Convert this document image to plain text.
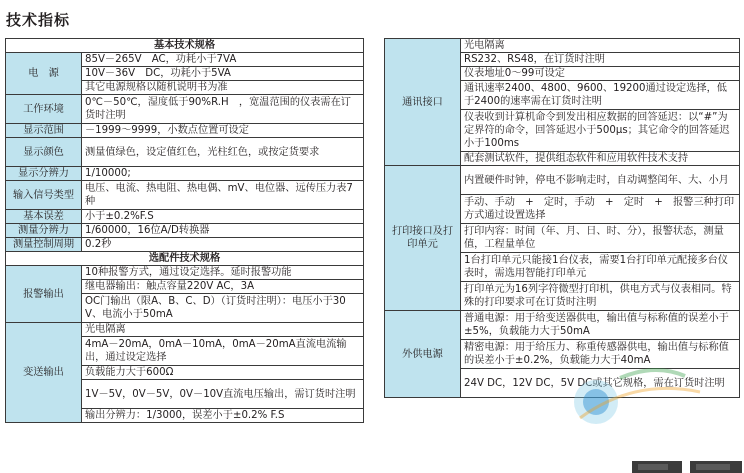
技术指标
基本技术规格	
电　源	85V－265V　AC，功耗小于7VA
	10V－36V　DC，功耗小于5VA
	其它电源规格以随机说明书为准
工作环境	0℃－50℃，湿度低于90%R.H　，宽温范围的仪表需在订货时注明
显示范围	－1999～9999，小数点位置可设定
显示颜色	测量值绿色，设定值红色，光柱红色，或按定货要求
显示分辨力	1/10000;
输入信号类型	电压、电流、热电阻、热电偶、mV、电位器、远传压力表7种
基本误差	小于±0.2%F.S
测量分辨力	1/60000，16位A/D转换器
测量控制周期	0.2秒
选配件技术规格	
报警输出	10种报警方式，通过设定选择。延时报警功能
	继电器输出：触点容量220V AC，3A
	OC门输出（限A、B、C、D）（订货时注明）：电压小于30V、电流小于50mA
变送输出	光电隔离
	4mA－20mA，0mA－10mA，0mA－20mA直流电流输出，通过设定选择
	负载能力大于600Ω
	1V－5V，0V－5V，0V－10V直流电压输出，需订货时注明
	输出分辨力：1/3000，误差小于±0.2% F.S
通讯接口	光电隔离
	RS232、RS48，在订货时注明
	仪表地址0～99可设定
	通讯速率2400、4800、9600、19200通过设定选择，低于2400的速率需在订货时注明
	仪表收到计算机命令到发出相应数据的回答延迟：以“#”为定界符的命令，回答延迟小于500μs；其它命令的回答延迟小于100ms
	配套测试软件，提供组态软件和应用软件技术支持
打印接口及打印单元	内置硬件时钟，停电不影响走时，自动调整闰年、大、小月
	手动、手动　+　定时，手动　+　定时　+　报警三种打印方式通过设置选择
	打印内容：时间（年、月、日、时、分），报警状态，测量值，工程量单位
	1台打印单元只能接1台仪表，需要1台打印单元配接多台仪表时，需选用智能打印单元
	打印单元为16列字符微型打印机，供电方式与仪表相同。特殊的打印要求可在订货时注明
外供电源	普通电源：用于给变送器供电，输出值与标称值的误差小于±5%，负载能力大于50mA
	精密电源：用于给压力、称重传感器供电，输出值与标称值的误差小于±0.2%，负载能力大于40mA
	24V DC，12V DC，5V DC或其它规格，需在订货时注明
